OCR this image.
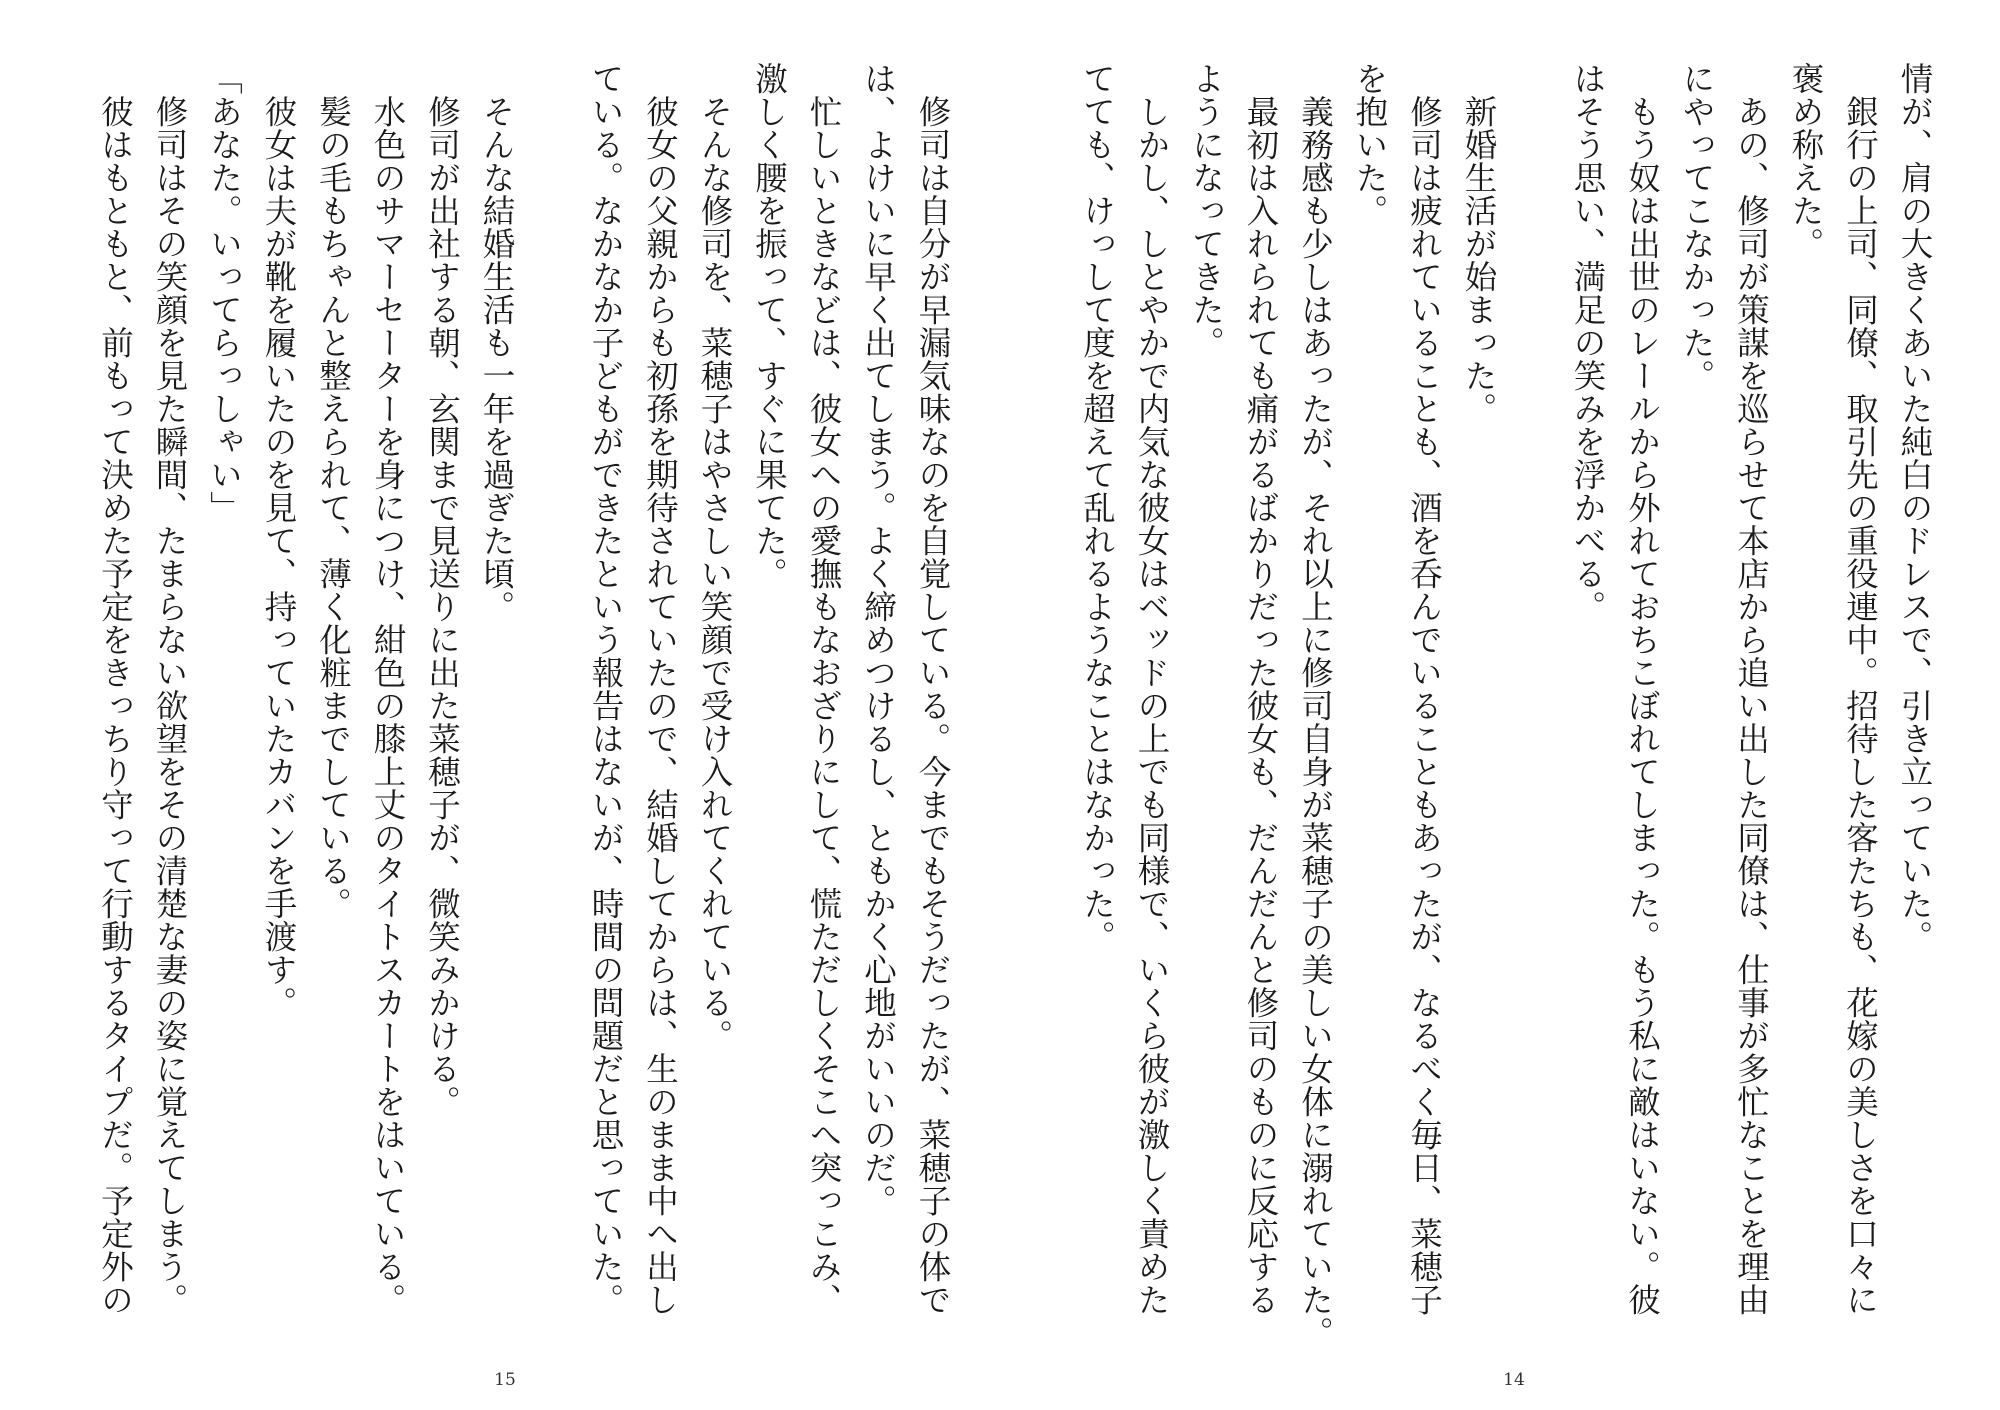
情が、肩の大きくあいた純白のドレスで、引き立っていた。
　銀行の上司、同僚、取引先の重役連中。招待した客たちも、花嫁の美しさを口々に
褒め称えた。
　あの、修司が策謀を巡らせて本店から追い出した同僚は、仕事が多忙なことを理由
にやってこなかった。
　もう奴は出世のレールから外れておちこぼれてしまった。もう私に敵はいない。彼
はそう思い、満足の笑みを浮かべる。
　新婚生活が始まった。
　修司は疲れていることも、酒を呑んでいることもあったが、なるべく毎日、菜穂子
を抱いた。
　義務感も少しはあったが、それ以上に修司自身が菜穂子の美しい女体に溺れていた。
　最初は入れられても痛がるばかりだった彼女も、だんだんと修司のものに反応する
ようになってきた。
　しかし、しとやかで内気な彼女はベッドの上でも同様で、いくら彼が激しく責めた
てても、けっして度を超えて乱れるようなことはなかった。
14
　修司は自分が早漏気味なのを自覚している。今までもそうだったが、菜穂子の体で
は、よけいに早く出てしまう。よく締めつけるし、ともかく心地がいいのだ。
　忙しいときなどは、彼女への愛撫もなおざりにして、慌ただしくそこへ突っこみ、
激しく腰を振って、すぐに果てた。
　そんな修司を、菜穂子はやさしい笑顔で受け入れてくれている。
　彼女の父親からも初孫を期待されていたので、結婚してからは、生のまま中へ出し
ている。なかなか子どもができたという報告はないが、時間の問題だと思っていた。
　そんな結婚生活も一年を過ぎた頃。
　修司が出社する朝、玄関まで見送りに出た菜穂子が、微笑みかける。
　水色のサマーセーターを身につけ、紺色の膝上丈のタイトスカートをはいている。
　髪の毛もちゃんと整えられて、薄く化粧までしている。
　彼女は夫が靴を履いたのを見て、持っていたカバンを手渡す。
「あなた。いってらっしゃい」
　修司はその笑顔を見た瞬間、たまらない欲望をその清楚な妻の姿に覚えてしまう。
　彼はもともと、前もって決めた予定をきっちり守って行動するタイプだ。予定外の
15
